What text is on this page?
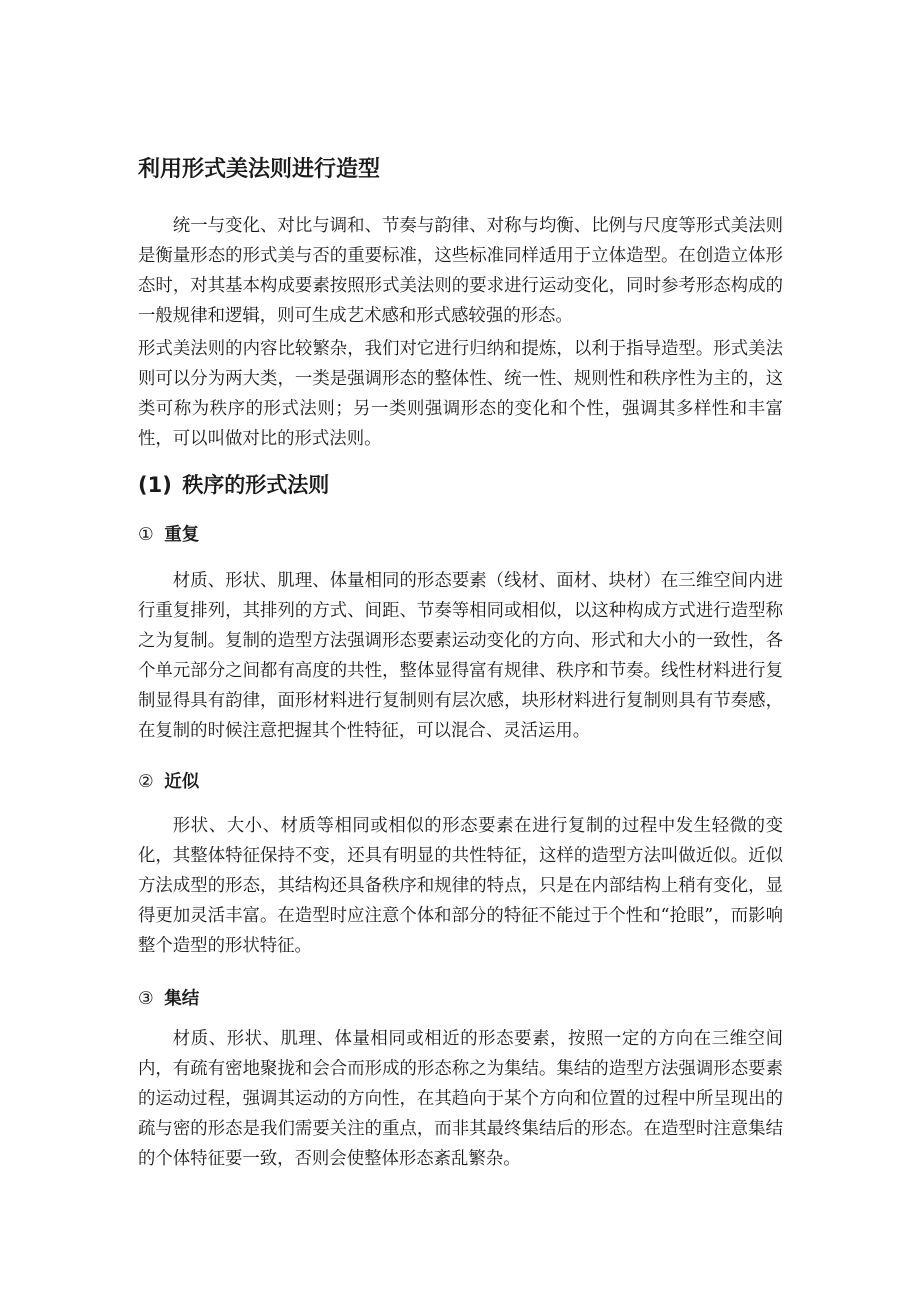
利用形式美法则进行造型

统一与变化、对比与调和、节奏与韵律、对称与均衡、比例与尺度等形式美法则是衡量形态的形式美与否的重要标准，这些标准同样适用于立体造型。在创造立体形态时，对其基本构成要素按照形式美法则的要求进行运动变化，同时参考形态构成的一般规律和逻辑，则可生成艺术感和形式感较强的形态。

形式美法则的内容比较繁杂，我们对它进行归纳和提炼，以利于指导造型。形式美法则可以分为两大类，一类是强调形态的整体性、统一性、规则性和秩序性为主的，这类可称为秩序的形式法则；另一类则强调形态的变化和个性，强调其多样性和丰富性，可以叫做对比的形式法则。

(1) 秩序的形式法则
① 重复

材质、形状、肌理、体量相同的形态要素（线材、面材、块材）在三维空间内进行重复排列，其排列的方式、间距、节奏等相同或相似，以这种构成方式进行造型称之为复制。复制的造型方法强调形态要素运动变化的方向、形式和大小的一致性，各个单元部分之间都有高度的共性，整体显得富有规律、秩序和节奏。线性材料进行复制显得具有韵律，面形材料进行复制则有层次感，块形材料进行复制则具有节奏感，在复制的时候注意把握其个性特征，可以混合、灵活运用。

② 近似

形状、大小、材质等相同或相似的形态要素在进行复制的过程中发生轻微的变化，其整体特征保持不变，还具有明显的共性特征，这样的造型方法叫做近似。近似方法成型的形态，其结构还具备秩序和规律的特点，只是在内部结构上稍有变化，显得更加灵活丰富。在造型时应注意个体和部分的特征不能过于个性和“抢眼”，而影响整个造型的形状特征。

③ 集结

材质、形状、肌理、体量相同或相近的形态要素，按照一定的方向在三维空间内，有疏有密地聚拢和会合而形成的形态称之为集结。集结的造型方法强调形态要素的运动过程，强调其运动的方向性，在其趋向于某个方向和位置的过程中所呈现出的疏与密的形态是我们需要关注的重点，而非其最终集结后的形态。在造型时注意集结的个体特征要一致，否则会使整体形态紊乱繁杂。
